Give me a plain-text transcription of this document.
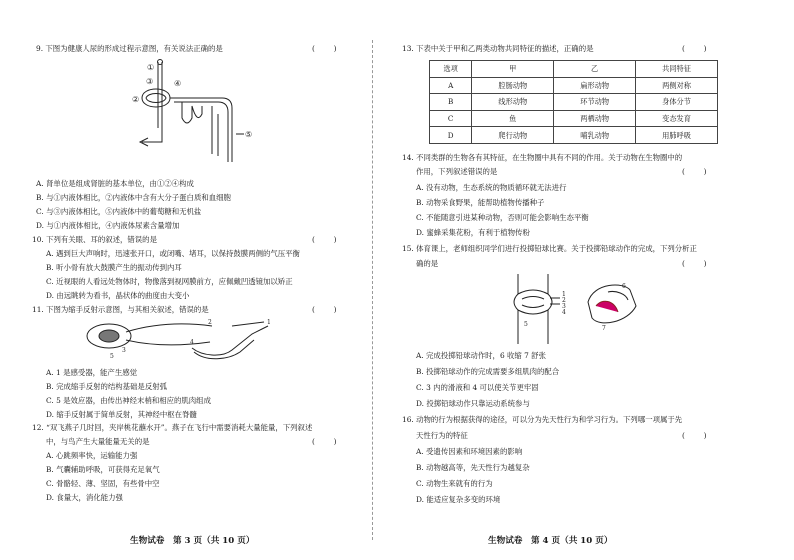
9. 下图为健康人尿的形成过程示意图，有关说法正确的是	(        )
①
②
③	④
⑤
A. 肾单位是组成肾脏的基本单位，由①②④构成
B. 与①内液体相比，②内液体中含有大分子蛋白质和血细胞
C. 与③内液体相比，⑤内液体中的葡萄糖和无机盐
D. 与①内液体相比，④内液体尿素含量增加
10. 下列有关眼、耳的叙述，错误的是	(        )
A. 遇到巨大声响时，迅速张开口，或闭嘴、堵耳，以保持鼓膜两侧的气压平衡
B. 听小骨有放大鼓膜产生的振动传到内耳
C. 近视眼的人看远处物体时，物像落到视网膜前方，应佩戴凹透镜加以矫正
D. 由远眺转为看书，晶状体的曲度由大变小
11. 下图为缩手反射示意图，与其相关叙述，错误的是	(        )
1
2
3
4
5
A. 1 是感受器，能产生感觉
B. 完成缩手反射的结构基础是反射弧
C. 5 是效应器，由传出神经末梢和相应的肌肉组成
D. 缩手反射属于简单反射，其神经中枢在脊髓
12. “双飞燕子几时回，夹岸桃花蘸水开”。燕子在飞行中需要消耗大量能量，下列叙述
中，与鸟产生大量能量无关的是	(        )
A. 心跳频率快，运输能力强
B. 气囊辅助呼吸，可获得充足氧气
C. 骨骼轻、薄、坚固，有些骨中空
D. 食量大，消化能力强
生物试卷　第 3 页（共 10 页）
13. 下表中关于甲和乙两类动物共同特征的描述，正确的是	(        )
选项	甲	乙	共同特征
A	腔肠动物	扁形动物	两侧对称
B	线形动物	环节动物	身体分节
C	鱼	两栖动物	变态发育
D	爬行动物	哺乳动物	用肺呼吸
14. 不同类群的生物各有其特征，在生物圈中具有不同的作用。关于动物在生物圈中的
作用，下列叙述错误的是	(        )
A. 没有动物，生态系统的物质循环就无法进行
B. 动物采食野果，能帮助植物传播种子
C. 不能随意引进某种动物，否则可能会影响生态平衡
D. 蜜蜂采集花粉，有利于植物传粉
15. 体育课上，老师组织同学们进行投掷铅球比赛。关于投掷铅球动作的完成，下列分析正
确的是	(        )
1
2
3
4
5
6
7
A. 完成投掷铅球动作时，6 收缩 7 舒张
B. 投掷铅球动作的完成需要多组肌肉的配合
C. 3 内的滑液和 4 可以使关节更牢固
D. 投掷铅球动作只靠运动系统参与
16. 动物的行为根据获得的途径，可以分为先天性行为和学习行为。下列哪一项属于先
天性行为的特征	(        )
A. 受遗传因素和环境因素的影响
B. 动物越高等，先天性行为越复杂
C. 动物生来就有的行为
D. 能适应复杂多变的环境
生物试卷　第 4 页（共 10 页）
